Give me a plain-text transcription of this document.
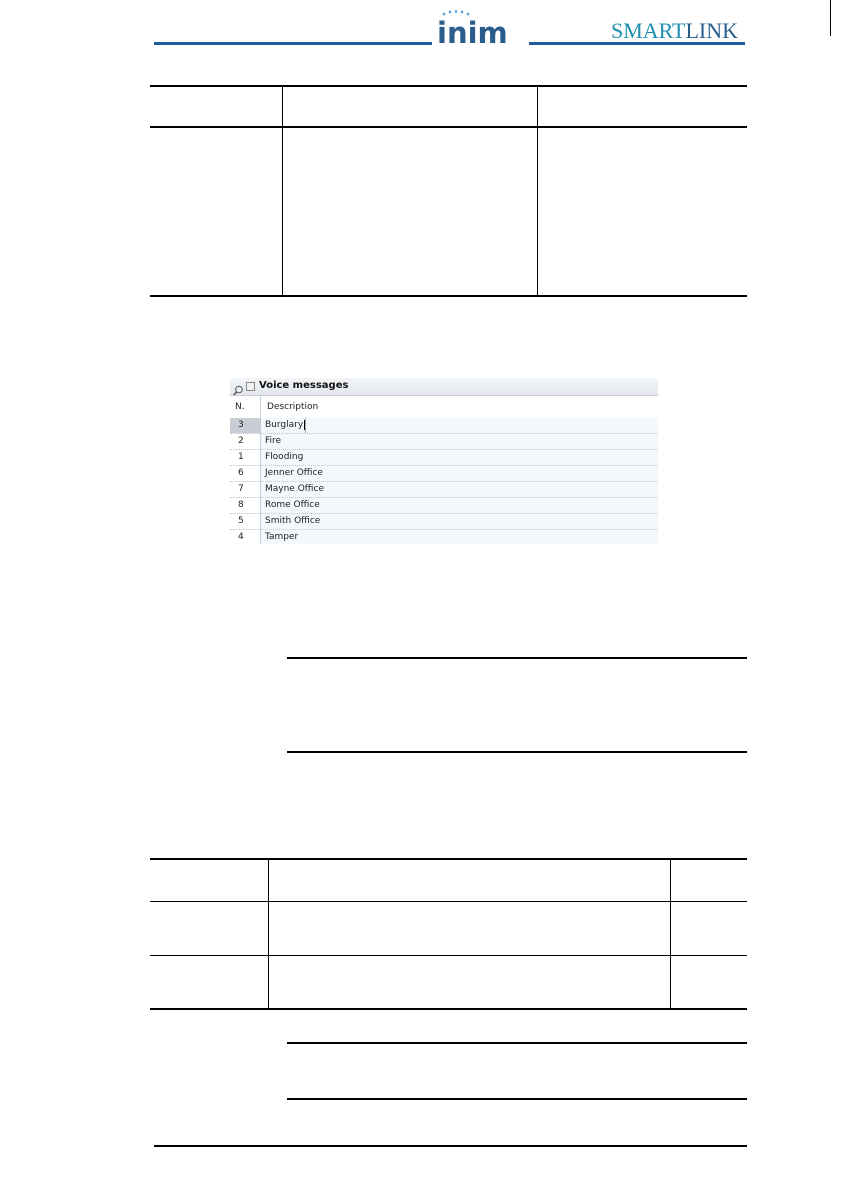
inim	SMARTLINK
Voice messages
N. Description
3	Burglary
2	Fire
1	Flooding
6	Jenner Office
7	Mayne Office
8	Rome Office
5	Smith Office
4	Tamper
